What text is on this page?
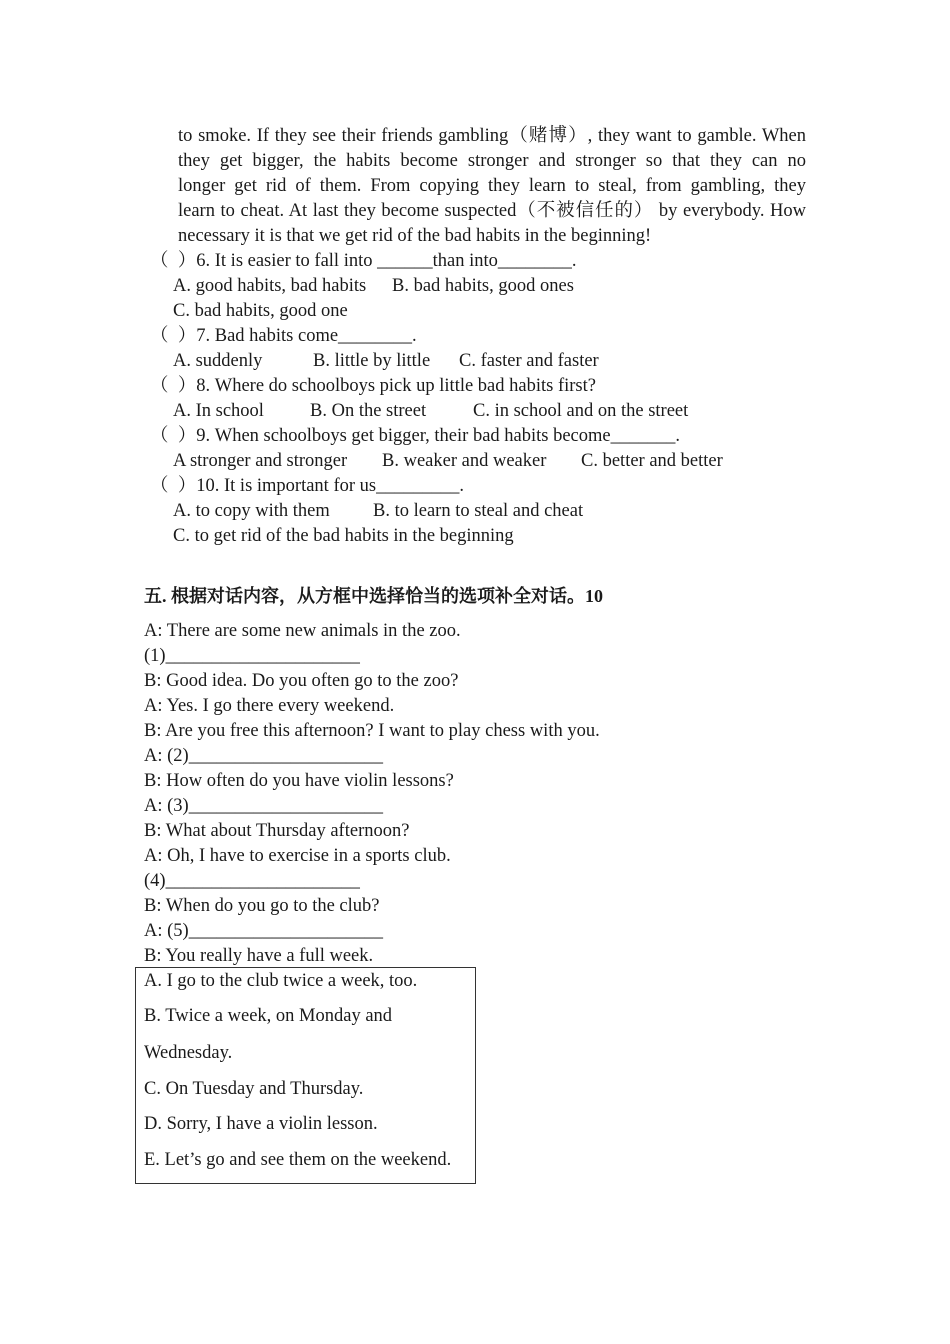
to smoke. If they see their friends gambling（赌博）, they want to gamble. When
they get bigger, the habits become stronger and stronger so that they can no
longer get rid of them. From copying they learn to steal, from gambling, they
learn to cheat. At last they become suspected（不被信任的） by everybody. How
necessary it is that we get rid of the bad habits in the beginning!
（  ）6. It is easier to fall into ______than into________.
A. good habits, bad habits B. bad habits, good ones
C. bad habits, good one
（  ）7. Bad habits come________.
A. suddenly	B. little by little C. faster and faster
（  ）8. Where do schoolboys pick up little bad habits first?
A. In school B. On the street	C. in school and on the street
（  ）9. When schoolboys get bigger, their bad habits become_______.
A stronger and stronger B. weaker and weaker C. better and better
（  ）10. It is important for us_________.
A. to copy with them B. to learn to steal and cheat
C. to get rid of the bad habits in the beginning
五. 根据对话内容，从方框中选择恰当的选项补全对话。10
A: There are some new animals in the zoo.
(1)_____________________
B: Good idea. Do you often go to the zoo?
A: Yes. I go there every weekend.
B: Are you free this afternoon? I want to play chess with you.
A: (2)_____________________
B: How often do you have violin lessons?
A: (3)_____________________
B: What about Thursday afternoon?
A: Oh, I have to exercise in a sports club.
(4)_____________________
B: When do you go to the club?
A: (5)_____________________
B: You really have a full week.
A. I go to the club twice a week, too.
B. Twice a week, on Monday and
Wednesday.
C. On Tuesday and Thursday.
D. Sorry, I have a violin lesson.
E. Let’s go and see them on the weekend.
